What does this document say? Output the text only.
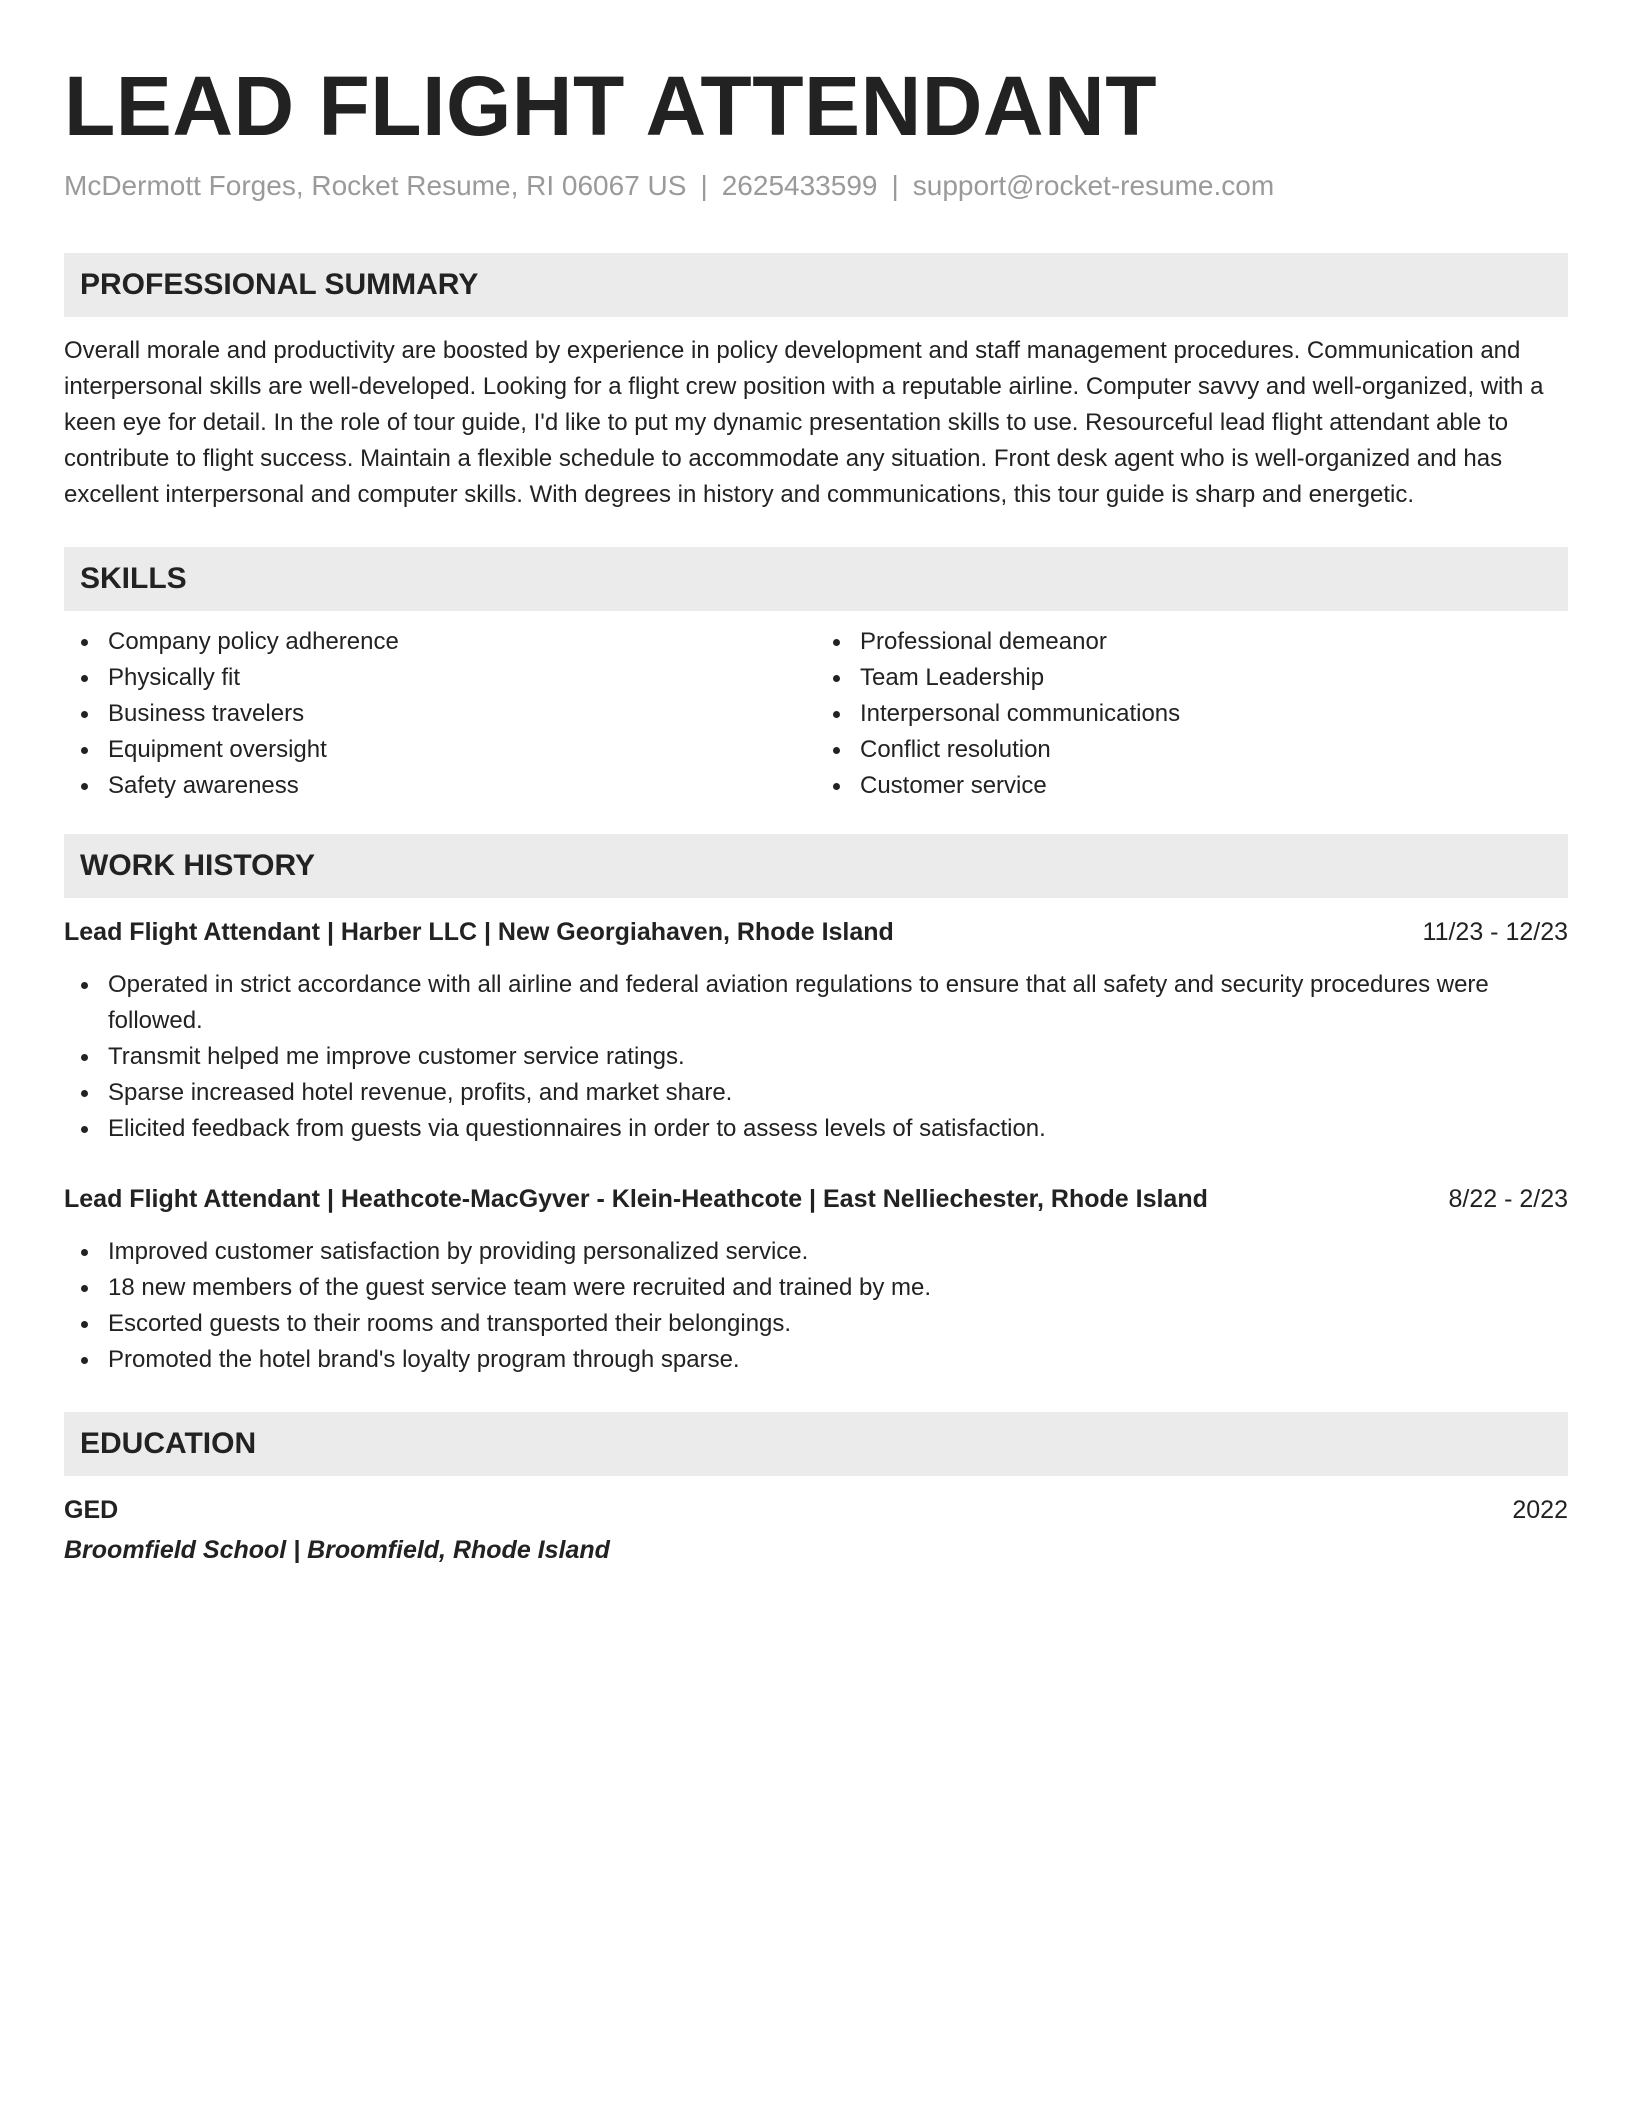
LEAD FLIGHT ATTENDANT
McDermott Forges, Rocket Resume, RI 06067 US | 2625433599 | support@rocket-resume.com
PROFESSIONAL SUMMARY

Overall morale and productivity are boosted by experience in policy development and staff management procedures. Communication and interpersonal skills are well-developed. Looking for a flight crew position with a reputable airline. Computer savvy and well-organized, with a keen eye for detail. In the role of tour guide, I'd like to put my dynamic presentation skills to use. Resourceful lead flight attendant able to contribute to flight success. Maintain a flexible schedule to accommodate any situation. Front desk agent who is well-organized and has excellent interpersonal and computer skills. With degrees in history and communications, this tour guide is sharp and energetic.

SKILLS
Company policy adherence
Physically fit
Business travelers
Equipment oversight
Safety awareness
Professional demeanor
Team Leadership
Interpersonal communications
Conflict resolution
Customer service
WORK HISTORY
Lead Flight Attendant | Harber LLC | New Georgiahaven, Rhode Island	11/23 - 12/23
Operated in strict accordance with all airline and federal aviation regulations to ensure that all safety and security procedures were followed.
Transmit helped me improve customer service ratings.
Sparse increased hotel revenue, profits, and market share.
Elicited feedback from guests via questionnaires in order to assess levels of satisfaction.
Lead Flight Attendant | Heathcote-MacGyver - Klein-Heathcote | East Nelliechester, Rhode Island	8/22 - 2/23
Improved customer satisfaction by providing personalized service.
18 new members of the guest service team were recruited and trained by me.
Escorted guests to their rooms and transported their belongings.
Promoted the hotel brand's loyalty program through sparse.
EDUCATION
GED	2022
Broomfield School | Broomfield, Rhode Island
